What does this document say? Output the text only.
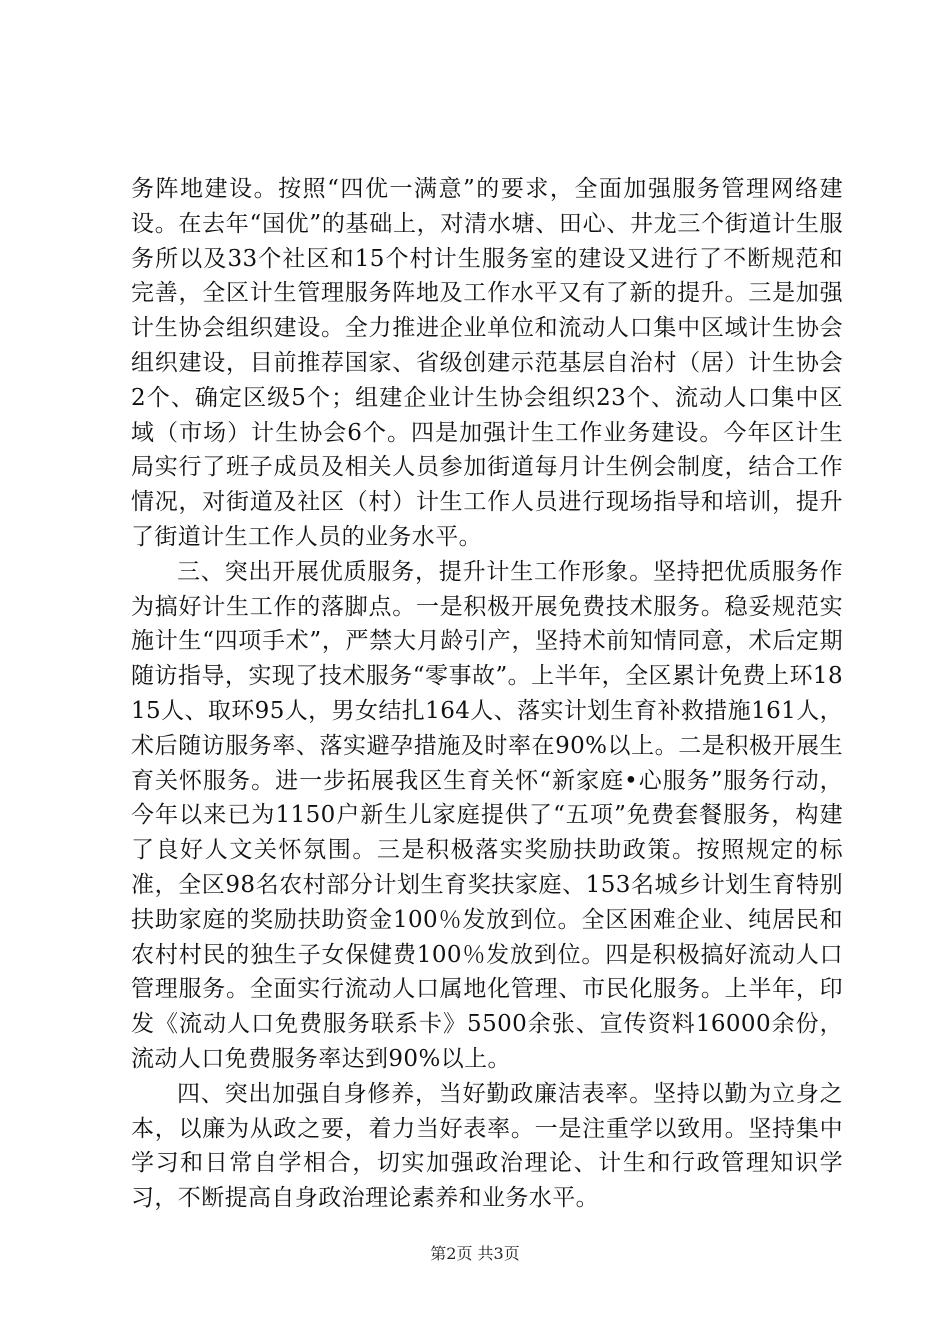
务阵地建设。按照“四优一满意”的要求，全面加强服务管理网络建设。在去年“国优”的基础上，对清水塘、田心、井龙三个街道计生服务所以及33个社区和15个村计生服务室的建设又进行了不断规范和完善，全区计生管理服务阵地及工作水平又有了新的提升。三是加强计生协会组织建设。全力推进企业单位和流动人口集中区域计生协会组织建设，目前推荐国家、省级创建示范基层自治村（居）计生协会2个、确定区级5个；组建企业计生协会组织23个、流动人口集中区域（市场）计生协会6个。四是加强计生工作业务建设。今年区计生局实行了班子成员及相关人员参加街道每月计生例会制度，结合工作情况，对街道及社区（村）计生工作人员进行现场指导和培训，提升了街道计生工作人员的业务水平。

三、突出开展优质服务，提升计生工作形象。坚持把优质服务作为搞好计生工作的落脚点。一是积极开展免费技术服务。稳妥规范实施计生“四项手术”，严禁大月龄引产，坚持术前知情同意，术后定期随访指导，实现了技术服务“零事故”。上半年，全区累计免费上环1815人、取环95人，男女结扎164人、落实计划生育补救措施161人，术后随访服务率、落实避孕措施及时率在90%以上。二是积极开展生育关怀服务。进一步拓展我区生育关怀“新家庭•心服务”服务行动，今年以来已为1150户新生儿家庭提供了“五项”免费套餐服务，构建了良好人文关怀氛围。三是积极落实奖励扶助政策。按照规定的标准，全区98名农村部分计划生育奖扶家庭、153名城乡计划生育特别扶助家庭的奖励扶助资金100％发放到位。全区困难企业、纯居民和农村村民的独生子女保健费100％发放到位。四是积极搞好流动人口管理服务。全面实行流动人口属地化管理、市民化服务。上半年，印发《流动人口免费服务联系卡》5500余张、宣传资料16000余份，流动人口免费服务率达到90%以上。

四、突出加强自身修养，当好勤政廉洁表率。坚持以勤为立身之本，以廉为从政之要，着力当好表率。一是注重学以致用。坚持集中学习和日常自学相合，切实加强政治理论、计生和行政管理知识学习，不断提高自身政治理论素养和业务水平。

第2页 共3页
